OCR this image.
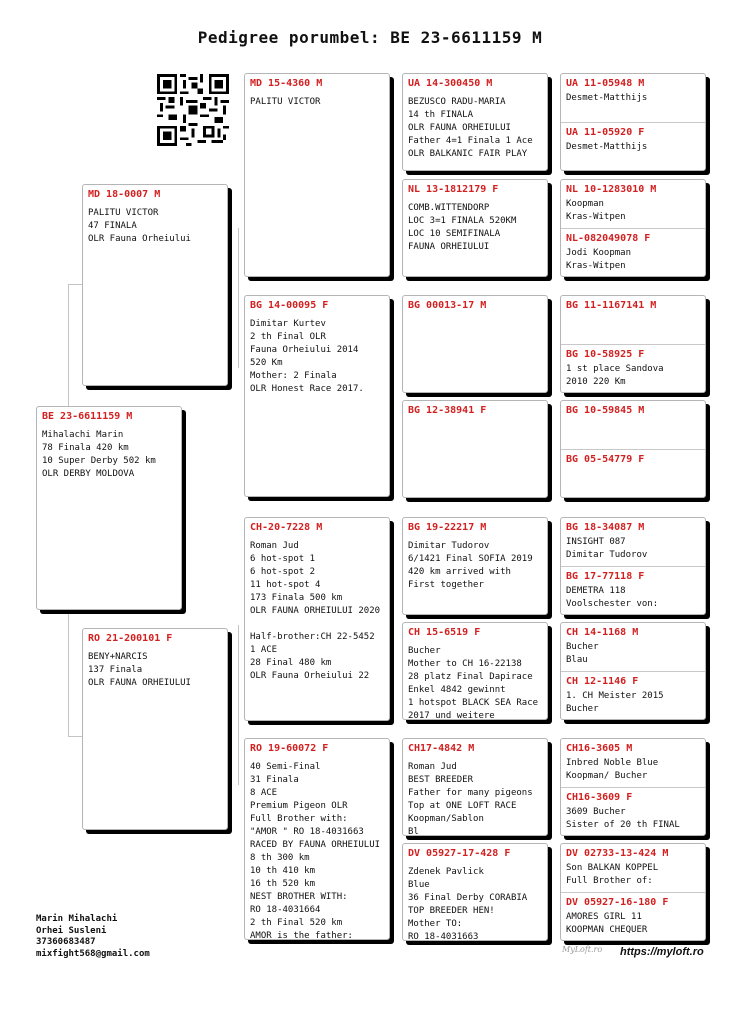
Pedigree porumbel: BE 23-6611159 M
BE 23-6611159 M
Mihalachi Marin
78 Finala 420 km
10 Super Derby 502 km
OLR DERBY MOLDOVA
MD 18-0007 M
PALITU VICTOR
47 FINALA
OLR Fauna Orheiului
RO 21-200101 F
BENY+NARCIS
137 Finala
OLR FAUNA ORHEIULUI
MD 15-4360 M
PALITU VICTOR
BG 14-00095 F
Dimitar Kurtev
2 th Final OLR
Fauna Orheiului 2014
520 Km
Mother: 2 Finala
OLR Honest Race 2017.
CH-20-7228 M
Roman Jud
6 hot-spot 1
6 hot-spot 2
11 hot-spot 4
173 Finala 500 km
OLR FAUNA ORHEIULUI 2020

Half-brother:CH 22-5452
1 ACE
28 Final 480 km
OLR Fauna Orheiului 22
RO 19-60072 F
40 Semi-Final
31 Finala
8 ACE
Premium Pigeon OLR
Full Brother with:
"AMOR " RO 18-4031663
RACED BY FAUNA ORHEIULUI
8 th 300 km
10 th 410 km
16 th 520 km
NEST BROTHER WITH:
RO 18-4031664
2 th Final 520 km
AMOR is the father:
UA 14-300450 M
BEZUSCO RADU-MARIA
14 th FINALA
OLR FAUNA ORHEIULUI
Father 4=1 Finala 1 Ace
OLR BALKANIC FAIR PLAY
NL 13-1812179 F
COMB.WITTENDORP
LOC 3=1 FINALA 520KM
LOC 10 SEMIFINALA
FAUNA ORHEIULUI
BG 00013-17 M
BG 12-38941 F
BG 19-22217 M
Dimitar Tudorov
6/1421 Final SOFIA 2019
420 km arrived with
First together
CH 15-6519 F
Bucher
Mother to CH 16-22138
28 platz Final Dapirace
Enkel 4842 gewinnt
1 hotspot BLACK SEA Race
2017 und weitere
CH17-4842 M
Roman Jud
BEST BREEDER
Father for many pigeons
Top at ONE LOFT RACE
Koopman/Sablon
Bl
DV 05927-17-428 F
Zdenek Pavlick
Blue
36 Final Derby CORABIA
TOP BREEDER HEN!
Mother TO:
RO 18-4031663
UA 11-05948 M
Desmet-Matthijs
UA 11-05920 F
Desmet-Matthijs
NL 10-1283010 M
Koopman
Kras-Witpen
NL-082049078 F
Jodi Koopman
Kras-Witpen
BG 11-1167141 M
BG 10-58925 F
1 st place Sandova
2010 220 Km
BG 10-59845 M
BG 05-54779 F
BG 18-34087 M
INSIGHT 087
Dimitar Tudorov
BG 17-77118 F
DEMETRA 118
Voolschester von:
CH 14-1168 M
Bucher
Blau
CH 12-1146 F
1. CH Meister 2015
Bucher
CH16-3605 M
Inbred Noble Blue
Koopman/ Bucher
CH16-3609 F
3609 Bucher
Sister of 20 th FINAL
DV 02733-13-424 M
Son BALKAN KOPPEL
Full Brother of:
DV 05927-16-180 F
AMORES GIRL 11
KOOPMAN CHEQUER
Marin Mihalachi
Orhei Susleni
37360683487
mixfight568@gmail.com	MyLoft.ro https://myloft.ro
